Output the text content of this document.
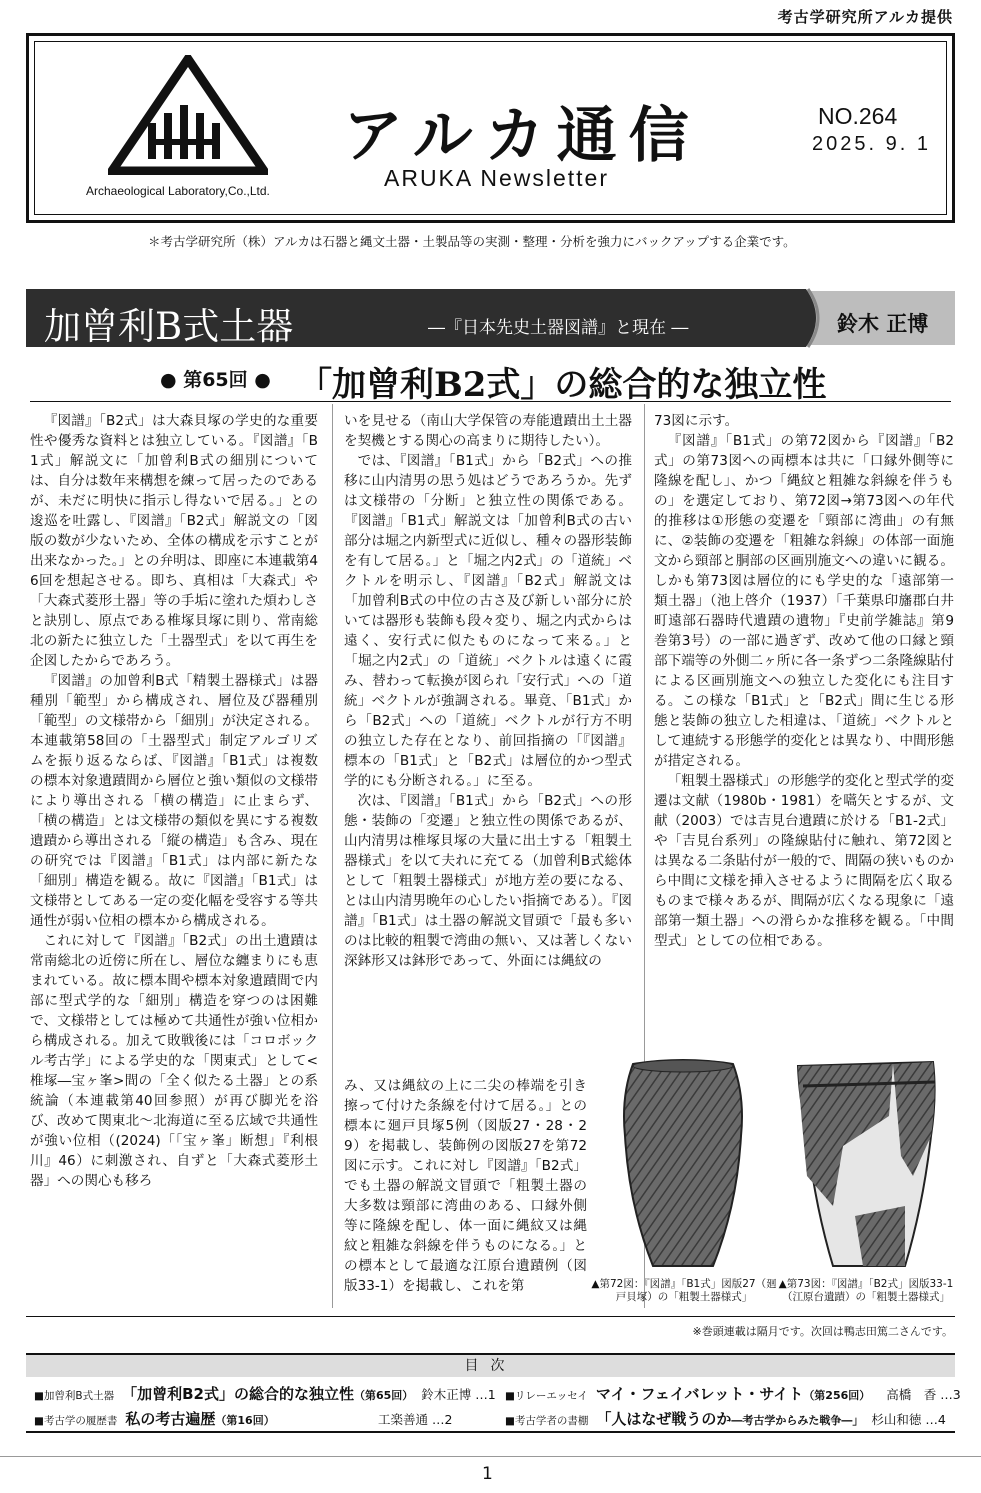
考古学研究所アルカ提供
Archaeological Laboratory,Co.,Ltd.
アルカ通信
ARUKA Newsletter
NO.264
2025. 9. 1
＊考古学研究所（株）アルカは石器と縄文土器・土製品等の実測・整理・分析を強力にバックアップする企業です。
加曾利B式土器	―『日本先史土器図譜』と現在 ―	鈴木 正博
● 第65回 ● 「加曾利B2式」の総合的な独立性

『図譜』「B2式」は大森貝塚の学史的な重要性や優秀な資料とは独立している。『図譜』「B1式」解説文に「加曾利B式の細別については、自分は数年来構想を練って居ったのであるが、未だに明快に指示し得ないで居る。」との逡巡を吐露し、『図譜』「B2式」解説文の「図版の数が少ないため、全体の構成を示すことが出来なかった。」との弁明は、即座に本連載第46回を想起させる。即ち、真相は「大森式」や「大森式菱形土器」等の手垢に塗れた煩わしさと訣別し、原点である椎塚貝塚に則り、常南総北の新たに独立した「土器型式」を以て再生を企図したからであろう。

『図譜』の加曾利B式「精製土器様式」は器種別「範型」から構成され、層位及び器種別「範型」の文様帯から「細別」が決定される。本連載第58回の「土器型式」制定アルゴリズムを振り返るならば、『図譜』「B1式」は複数の標本対象遺蹟間から層位と強い類似の文様帯により導出される「横の構造」に止まらず、「横の構造」とは文様帯の類似を異にする複数遺蹟から導出される「縦の構造」も含み、現在の研究では『図譜』「B1式」は内部に新たな「細別」構造を観る。故に『図譜』「B1式」は文様帯としてある一定の変化幅を受容する等共通性が弱い位相の標本から構成される。

これに対して『図譜』「B2式」の出土遺蹟は常南総北の近傍に所在し、層位な纏まりにも恵まれている。故に標本間や標本対象遺蹟間で内部に型式学的な「細別」構造を穿つのは困難で、文様帯としては極めて共通性が強い位相から構成される。加えて敗戦後には「コロボックル考古学」による学史的な「関東式」として<椎塚―宝ヶ峯>間の「全く似たる土器」との系統論（本連載第40回参照）が再び脚光を浴び、改めて関東北～北海道に至る広域で共通性が強い位相（(2024)「「宝ヶ峯」断想」『利根川』46）に刺激され、自ずと「大森式菱形土器」への関心も移ろ

いを見せる（南山大学保管の寿能遺蹟出土土器を契機とする関心の高まりに期待したい）。

では、『図譜』「B1式」から「B2式」への推移に山内清男の思う処はどうであろうか。先ずは文様帯の「分断」と独立性の関係である。『図譜』「B1式」解説文は「加曾利B式の古い部分は堀之内新型式に近似し、種々の器形装飾を有して居る。」と「堀之内2式」の「道統」ベクトルを明示し、『図譜』「B2式」解説文は「加曾利B式の中位の古さ及び新しい部分に於いては器形も装飾も段々変り、堀之内式からは遠く、安行式に似たものになって来る。」と「堀之内2式」の「道統」ベクトルは遠くに霞み、替わって転換が図られ「安行式」への「道統」ベクトルが強調される。畢竟、「B1式」から「B2式」への「道統」ベクトルが行方不明の独立した存在となり、前回指摘の「『図譜』標本の「B1式」と「B2式」は層位的かつ型式学的にも分断される。」に至る。

次は、『図譜』「B1式」から「B2式」への形態・装飾の「変遷」と独立性の関係であるが、山内清男は椎塚貝塚の大量に出土する「粗製土器様式」を以て夫れに充てる（加曾利B式総体として「粗製土器様式」が地方差の要になる、とは山内清男晩年の心したい指摘である）。『図譜』「B1式」は土器の解説文冒頭で「最も多いのは比較的粗製で湾曲の無い、又は著しくない深鉢形又は鉢形であって、外面には縄紋の

み、又は縄紋の上に二尖の棒端を引き擦って付けた条線を付けて居る。」との標本に廻戸貝塚5例（図版27・28・29）を掲載し、装飾例の図版27を第72図に示す。これに対し『図譜』「B2式」でも土器の解説文冒頭で「粗製土器の大多数は頸部に湾曲のある、口縁外側等に隆線を配し、体一面に縄紋又は縄紋と粗雑な斜線を伴うものになる。」との標本として最適な江原台遺蹟例（図版33-1）を掲載し、これを第

73図に示す。

『図譜』「B1式」の第72図から『図譜』「B2式」の第73図への両標本は共に「口縁外側等に隆線を配し」、かつ「縄紋と粗雑な斜線を伴うもの」を選定しており、第72図→第73図への年代的推移は①形態の変遷を「頸部に湾曲」の有無に、②装飾の変遷を「粗雑な斜線」の体部一面施文から頸部と胴部の区画別施文への違いに観る。しかも第73図は層位的にも学史的な「遠部第一類土器」（池上啓介（1937）「千葉県印旛郡白井町遠部石器時代遺蹟の遺物」『史前学雑誌』第9巻第3号）の一部に過ぎず、改めて他の口縁と頸部下端等の外側二ヶ所に各一条ずつ二条隆線貼付による区画別施文への独立した変化にも注目する。この様な「B1式」と「B2式」間に生じる形態と装飾の独立した相違は、「道統」ベクトルとして連続する形態学的変化とは異なり、中間形態が措定される。

「粗製土器様式」の形態学的変化と型式学的変遷は文献（1980b・1981）を嚆矢とするが、文献（2003）では吉見台遺蹟に於ける「B1-2式」や「吉見台系列」の隆線貼付に触れ、第72図とは異なる二条貼付が一般的で、間隔の狭いものから中間に文様を挿入させるように間隔を広く取るものまで様々あるが、間隔が広くなる現象に「遠部第一類土器」への滑らかな推移を観る。「中間型式」としての位相である。

▲第72図：『図譜』「B1式」図版27（廻戸貝塚）の「粗製土器様式」
▲第73図：『図譜』「B2式」図版33-1（江原台遺蹟）の「粗製土器様式」
※巻頭連載は隔月です。次回は鴨志田篤二さんです。
目次
■加曾利B式土器 「加曾利B2式」の総合的な独立性（第65回） 鈴木正博 …1 ■リレーエッセイ マイ・フェイバレット・サイト（第256回） 高橋　香 …3
■考古学の履歴書 私の考古遍歴（第16回）	工楽善通 …2	■考古学者の書棚 「人はなぜ戦うのか―考古学からみた戦争―」 杉山和徳 …4
1
